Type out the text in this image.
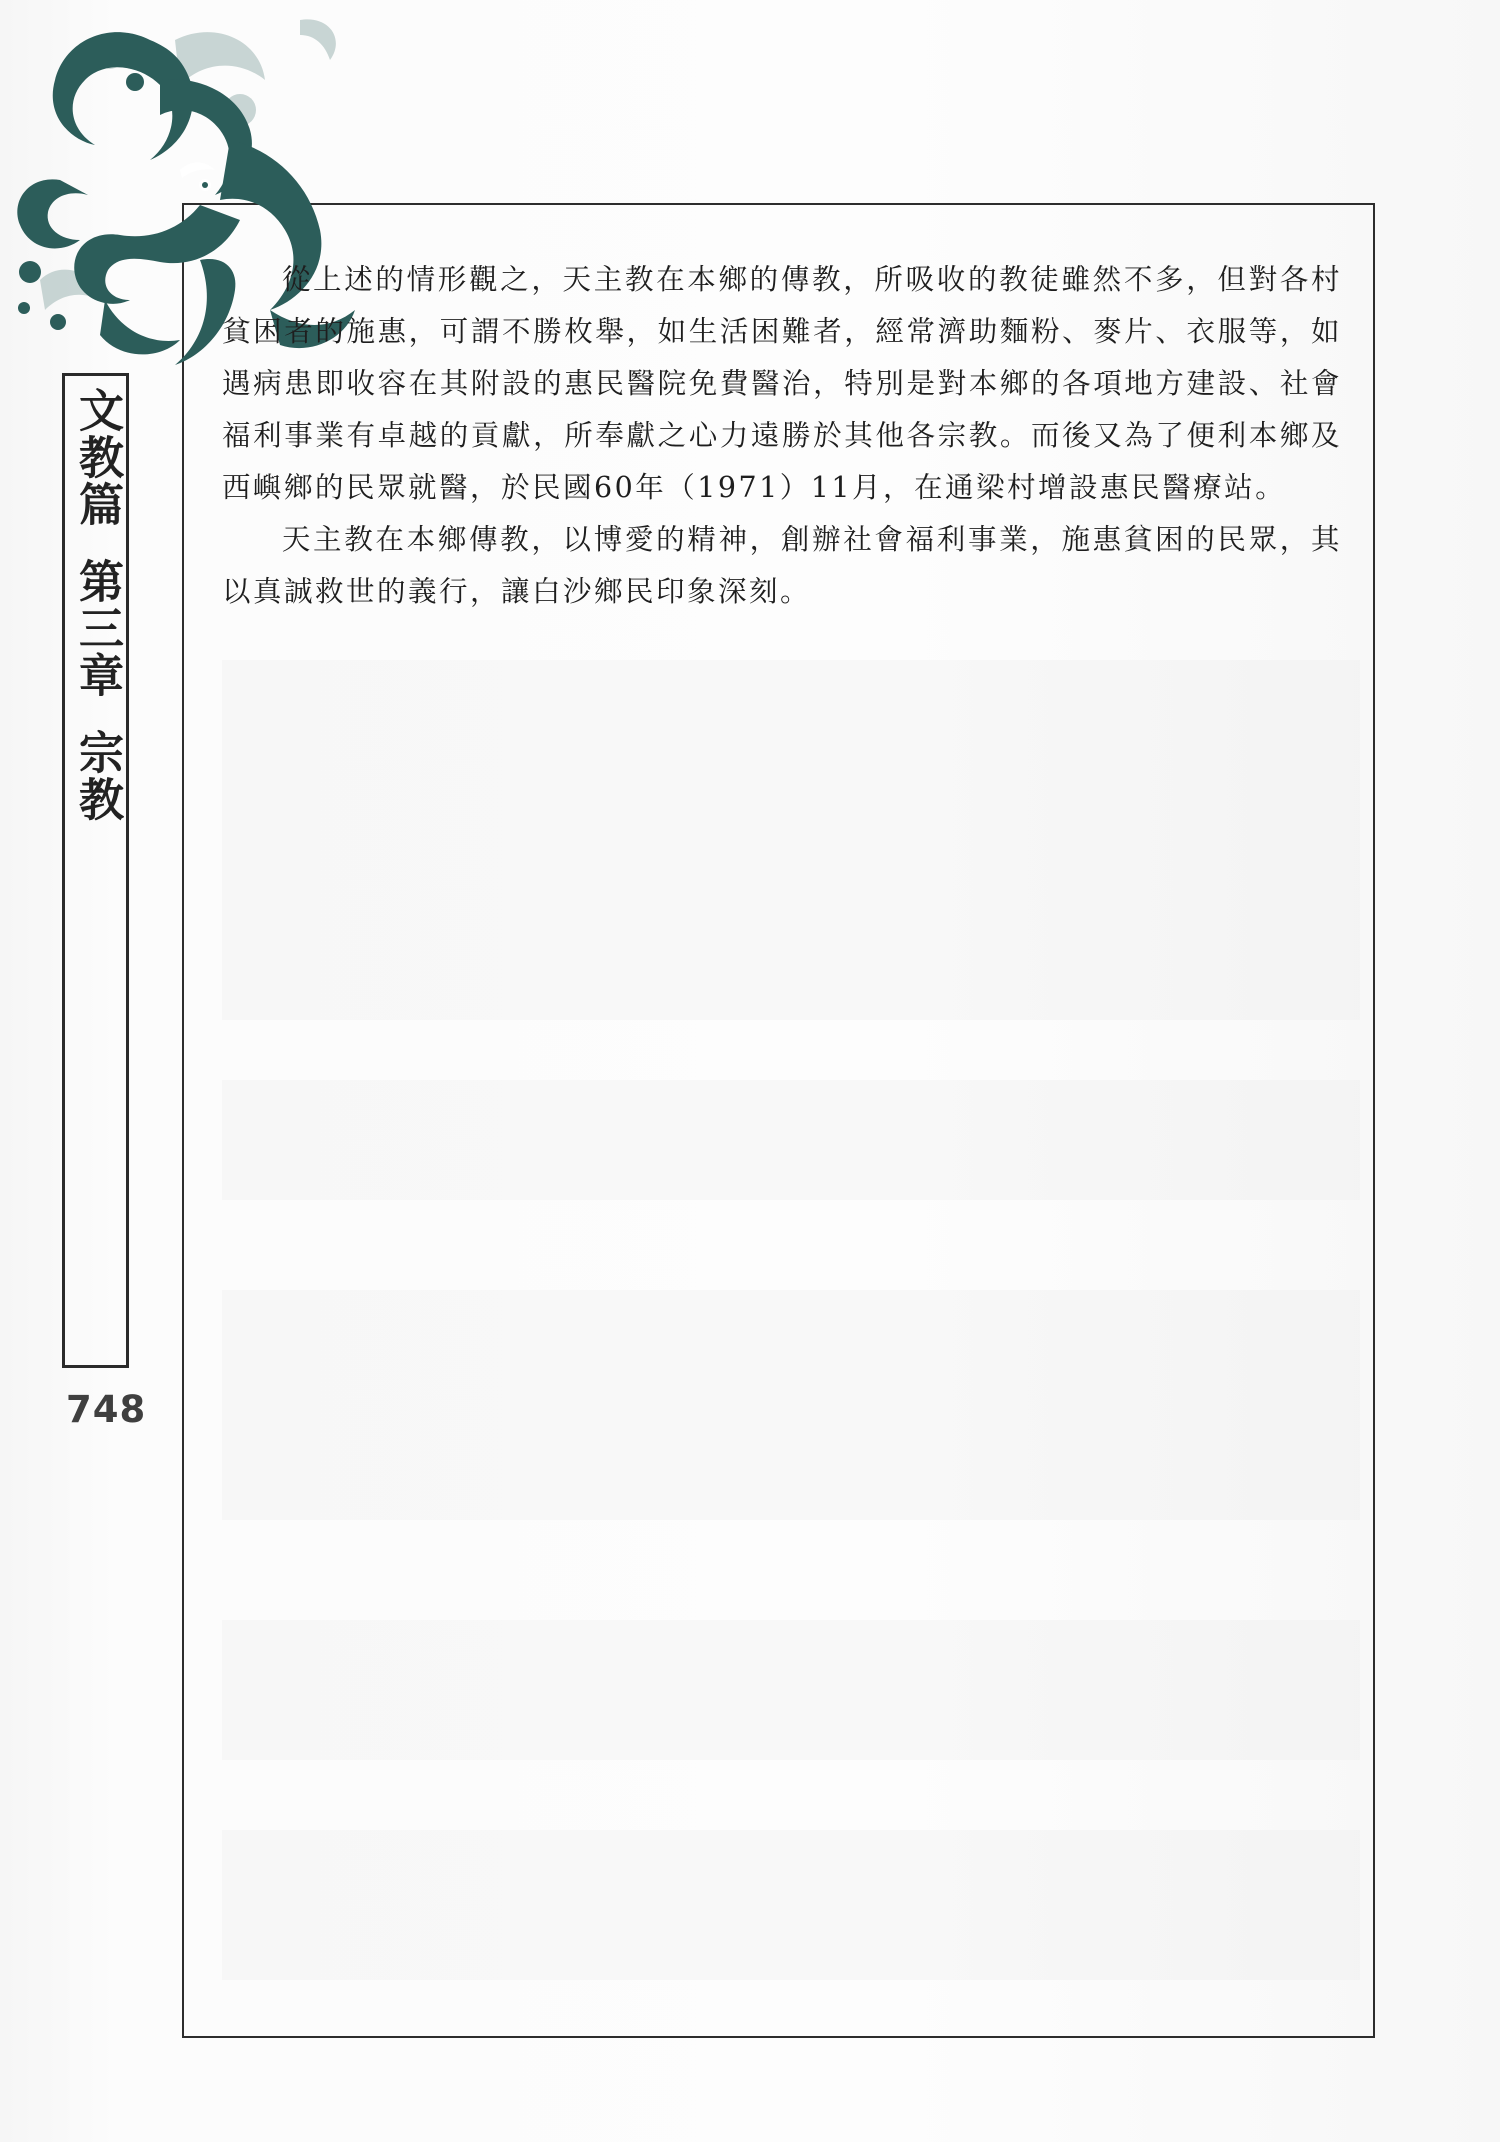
文教篇第三章宗教
748

從上述的情形觀之，天主教在本鄉的傳教，所吸收的教徒雖然不多，但對各村貧困者的施惠，可謂不勝枚舉，如生活困難者，經常濟助麵粉、麥片、衣服等，如遇病患即收容在其附設的惠民醫院免費醫治，特別是對本鄉的各項地方建設、社會福利事業有卓越的貢獻，所奉獻之心力遠勝於其他各宗教。而後又為了便利本鄉及西嶼鄉的民眾就醫，於民國60年（1971）11月，在通梁村增設惠民醫療站。

天主教在本鄉傳教，以博愛的精神，創辦社會福利事業，施惠貧困的民眾，其以真誠救世的義行，讓白沙鄉民印象深刻。
